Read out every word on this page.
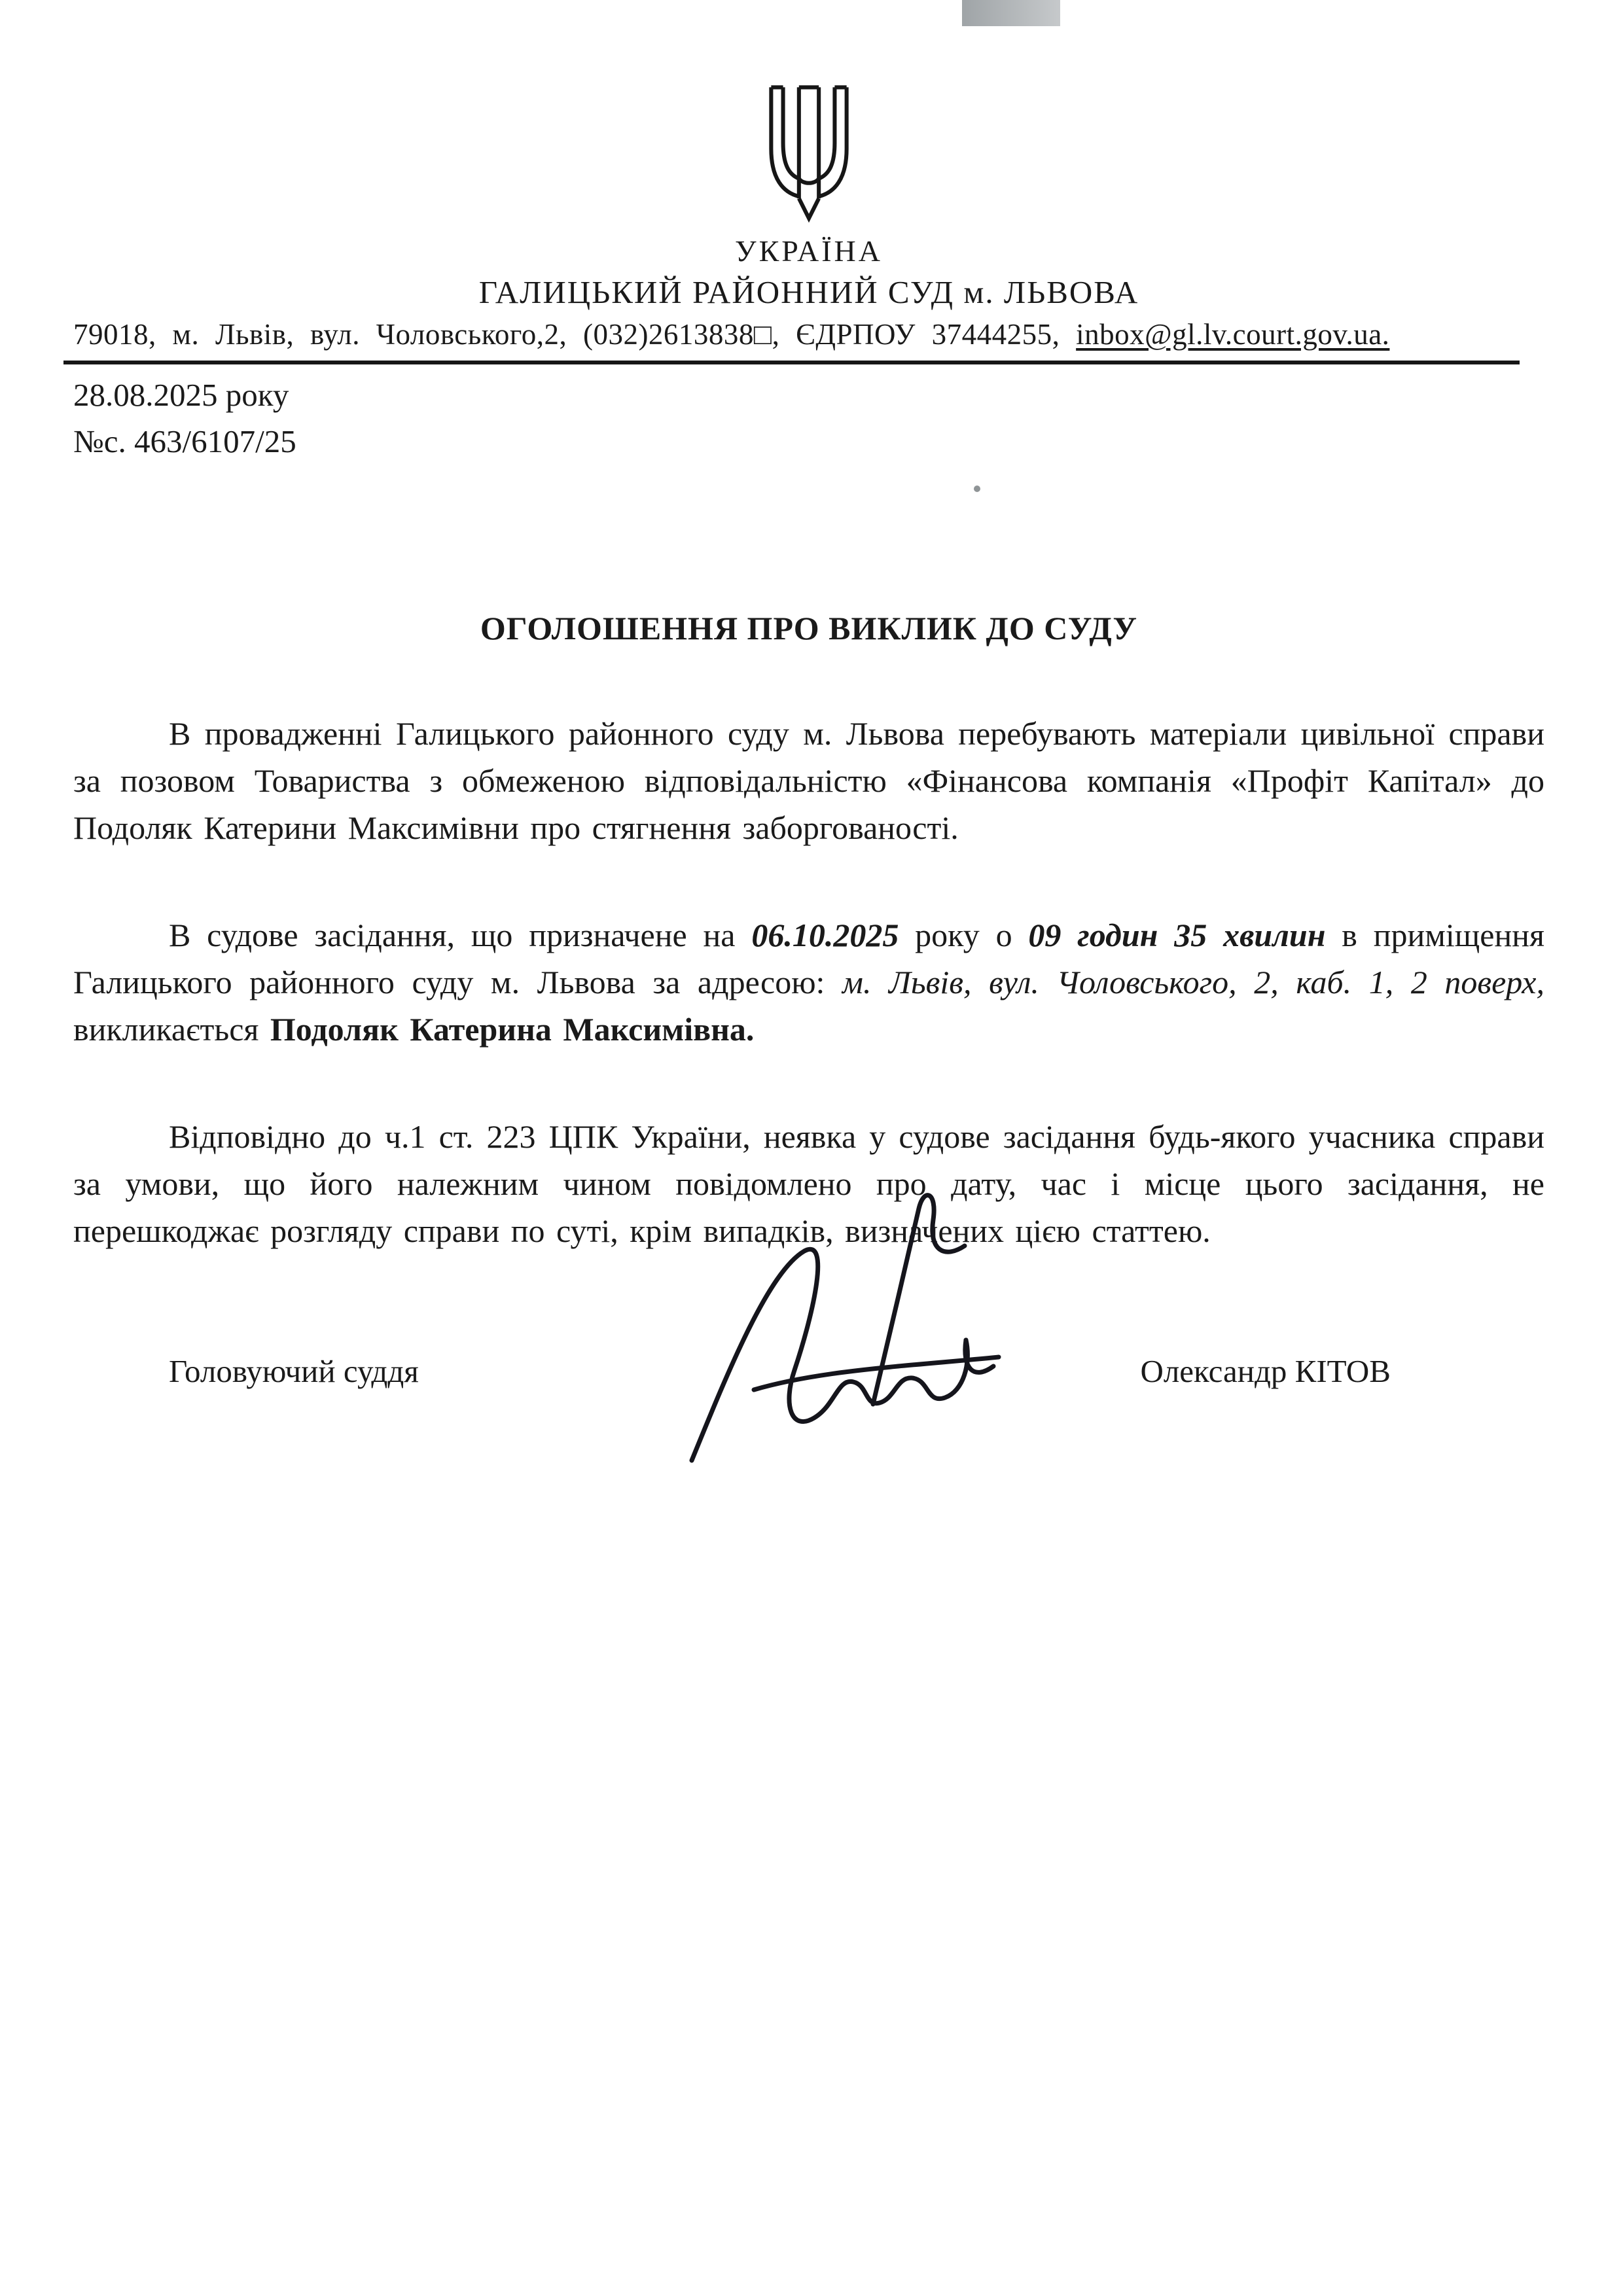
УКРАЇНА
ГАЛИЦЬКИЙ РАЙОННИЙ СУД м. ЛЬВОВА
79018, м. Львів, вул. Чоловського,2, (032)2613838□, ЄДРПОУ 37444255, inbox@gl.lv.court.gov.ua.
28.08.2025 року
№с. 463/6107/25
ОГОЛОШЕННЯ ПРО ВИКЛИК ДО СУДУ

В провадженні Галицького районного суду м. Львова перебувають матеріали цивільної справи за позовом Товариства з обмеженою відповідальністю «Фінансова компанія «Профіт Капітал» до Подоляк Катерини Максимівни про стягнення заборгованості.

В судове засідання, що призначене на 06.10.2025 року о 09 годин 35 хвилин в приміщення Галицького районного суду м. Львова за адресою: м. Львів, вул. Чоловського, 2, каб. 1, 2 поверх, викликається Подоляк Катерина Максимівна.

Відповідно до ч.1 ст. 223 ЦПК України, неявка у судове засідання будь-якого учасника справи за умови, що його належним чином повідомлено про дату, час і місце цього засідання, не перешкоджає розгляду справи по суті, крім випадків, визначених цією статтею.

Головуючий суддя	Олександр КІТОВ
